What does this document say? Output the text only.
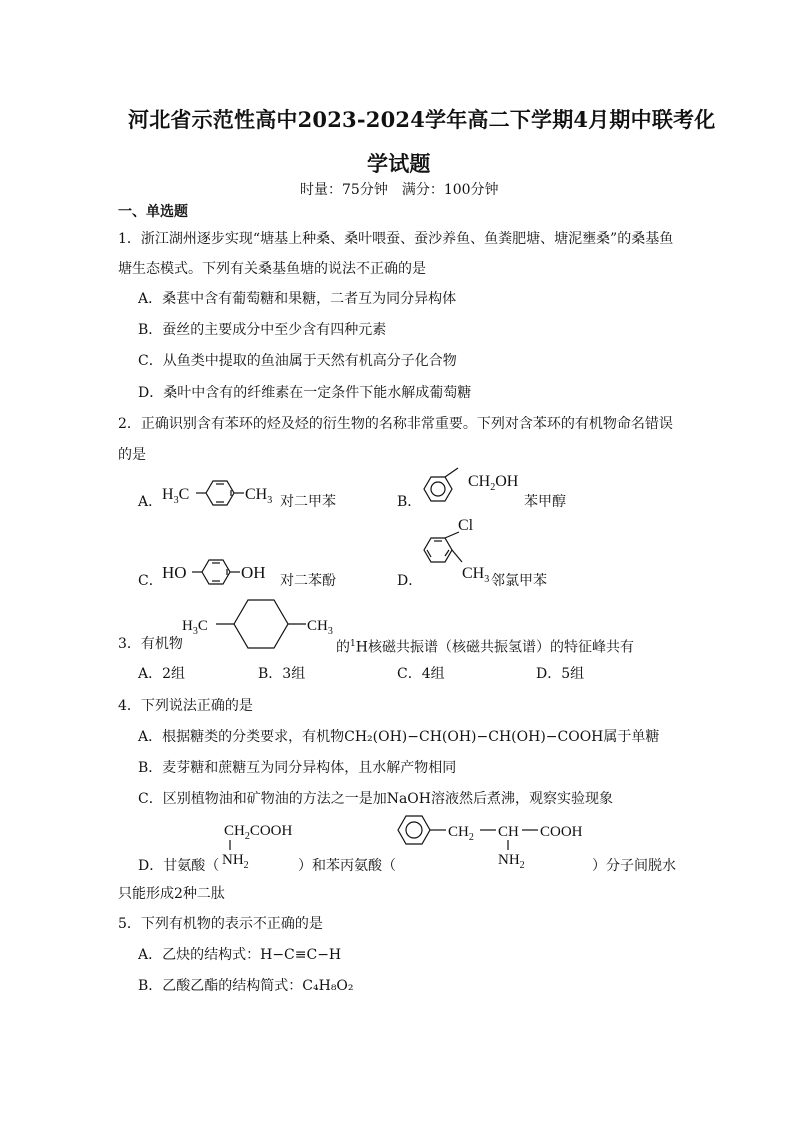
河北省示范性高中2023-2024学年高二下学期4月期中联考化
学试题
时量：75分钟　满分：100分钟
一、单选题
1．浙江湖州逐步实现“塘基上种桑、桑叶喂蚕、蚕沙养鱼、鱼粪肥塘、塘泥壅桑”的桑基鱼
塘生态模式。下列有关桑基鱼塘的说法不正确的是
A．桑葚中含有葡萄糖和果糖，二者互为同分异构体
B．蚕丝的主要成分中至少含有四种元素
C．从鱼类中提取的鱼油属于天然有机高分子化合物
D．桑叶中含有的纤维素在一定条件下能水解成葡萄糖
2．正确识别含有苯环的烃及烃的衍生物的名称非常重要。下列对含苯环的有机物命名错误
的是
A． $H_3C$	$CH_3$ 对二甲苯	B．
$CH_2OH$
苯甲醇
C． HO	OH 对二苯酚	D．
Cl
$CH_3$ 邻氯甲苯
3．有机物
$H_3C$	$CH_3$
的$^1$H核磁共振谱（核磁共振氢谱）的特征峰共有
A．2组	B．3组	C．4组	D．5组
4．下列说法正确的是
A．根据糖类的分类要求，有机物CH₂(OH)−CH(OH)−CH(OH)−COOH属于单糖
B．麦芽糖和蔗糖互为同分异构体，且水解产物相同
C．区别植物油和矿物油的方法之一是加NaOH溶液然后煮沸，观察实验现象
D．甘氨酸（
$CH_2COOH$
$NH_2$	）和苯丙氨酸（
$CH_2$ CH COOH
$NH_2$	）分子间脱水
只能形成2种二肽
5．下列有机物的表示不正确的是
A．乙炔的结构式：H−C≡C−H
B．乙酸乙酯的结构简式：C₄H₈O₂
